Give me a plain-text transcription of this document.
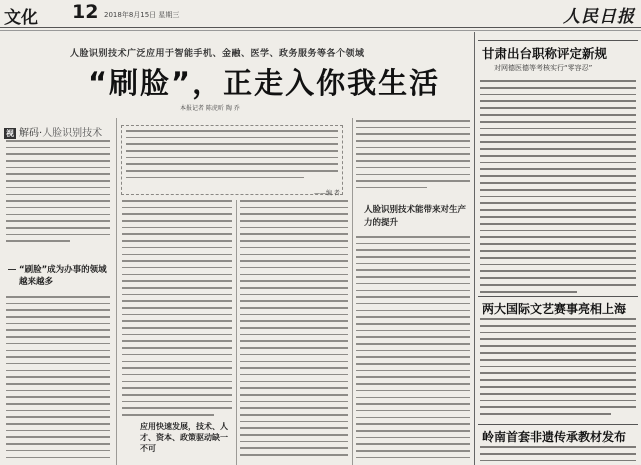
文化 12 2018年8月15日 星期三	人民日报
人脸识别技术广泛应用于智能手机、金融、医学、政务服务等各个领域
“刷脸”，正走入你我生活
本报记者 陈虎昕 陶 乔
视 解码·人脸识别技术
——编 者
“刷脸”成为办事的领域
越来越多
应用快速发展，技术、人才、资本、政策驱动缺一不可
人脸识别技术能带来对生产力的提升
甘肃出台职称评定新规
对网德医德等考核实行“零容忍”
两大国际文艺赛事亮相上海
岭南首套非遗传承教材发布
